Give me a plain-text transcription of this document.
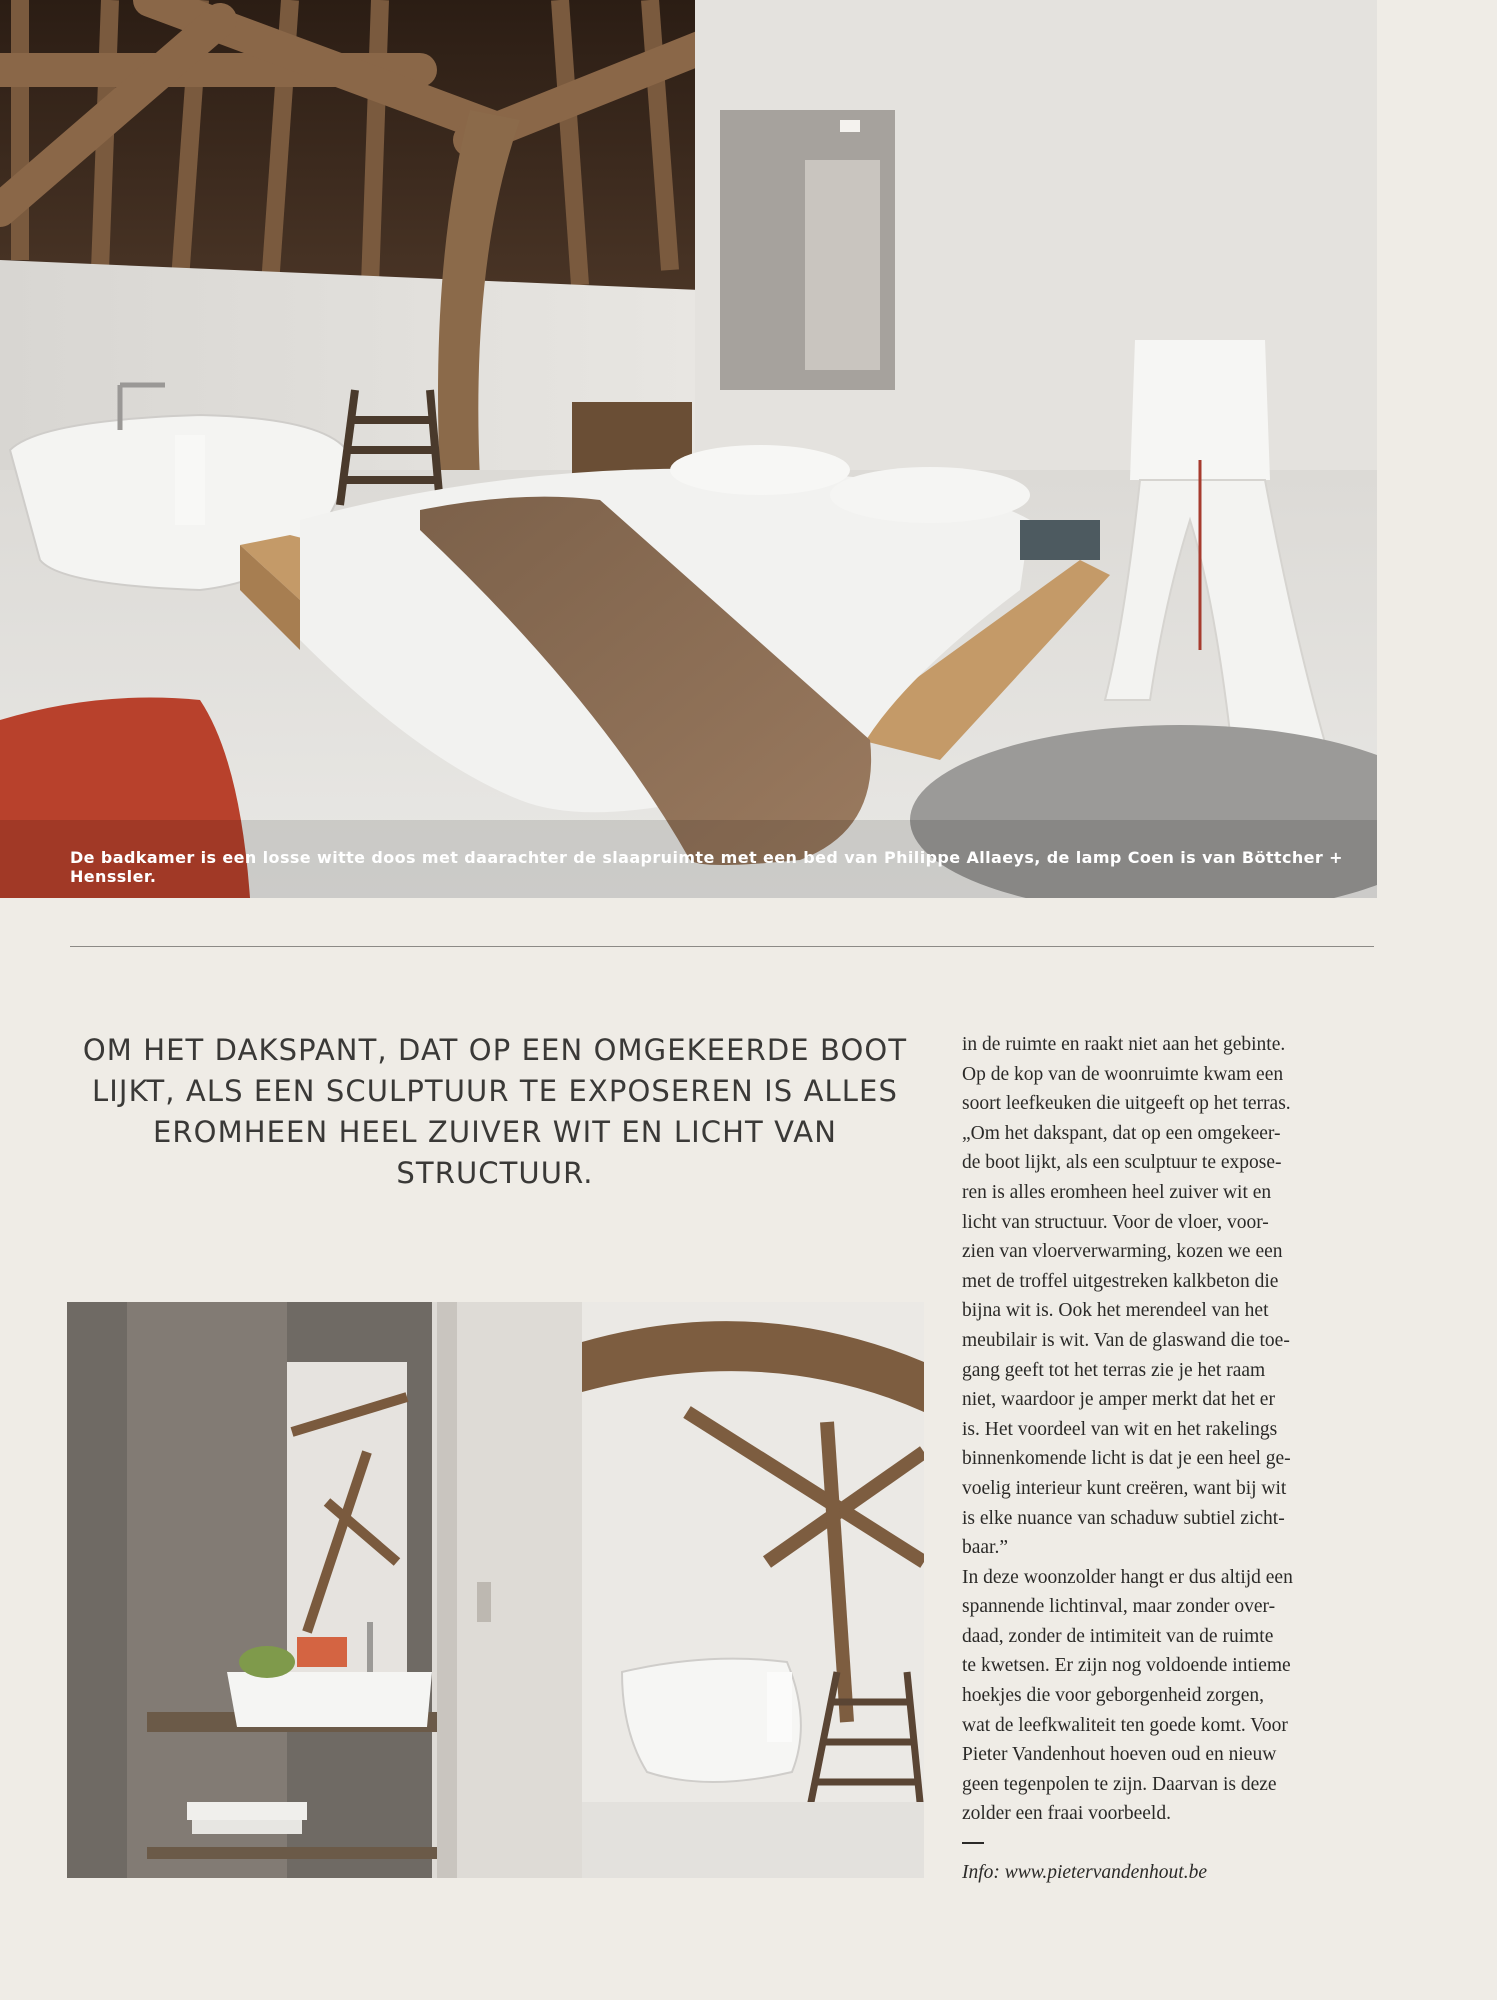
De badkamer is een losse witte doos met daarachter de slaapruimte met een bed van Philippe Allaeys, de lamp Coen is van Böttcher + Henssler.
OM HET DAKSPANT, DAT OP EEN OMGEKEERDE BOOT
LIJKT, ALS EEN SCULPTUUR TE EXPOSEREN IS ALLES
EROMHEEN HEEL ZUIVER WIT EN LICHT VAN
STRUCTUUR.

in de ruimte en raakt niet aan het gebinte.
Op de kop van de woonruimte kwam een
soort leefkeuken die uitgeeft op het terras.
„Om het dakspant, dat op een omgekeer-
de boot lijkt, als een sculptuur te expose-
ren is alles eromheen heel zuiver wit en
licht van structuur. Voor de vloer, voor-
zien van vloerverwarming, kozen we een
met de troffel uitgestreken kalkbeton die
bijna wit is. Ook het merendeel van het
meubilair is wit. Van de glaswand die toe-
gang geeft tot het terras zie je het raam
niet, waardoor je amper merkt dat het er
is. Het voordeel van wit en het rakelings
binnenkomende licht is dat je een heel ge-
voelig interieur kunt creëren, want bij wit
is elke nuance van schaduw subtiel zicht-
baar.”

In deze woonzolder hangt er dus altijd een
spannende lichtinval, maar zonder over-
daad, zonder de intimiteit van de ruimte
te kwetsen. Er zijn nog voldoende intieme
hoekjes die voor geborgenheid zorgen,
wat de leefkwaliteit ten goede komt. Voor
Pieter Vandenhout hoeven oud en nieuw
geen tegenpolen te zijn. Daarvan is deze
zolder een fraai voorbeeld.

Info: www.pietervandenhout.be
